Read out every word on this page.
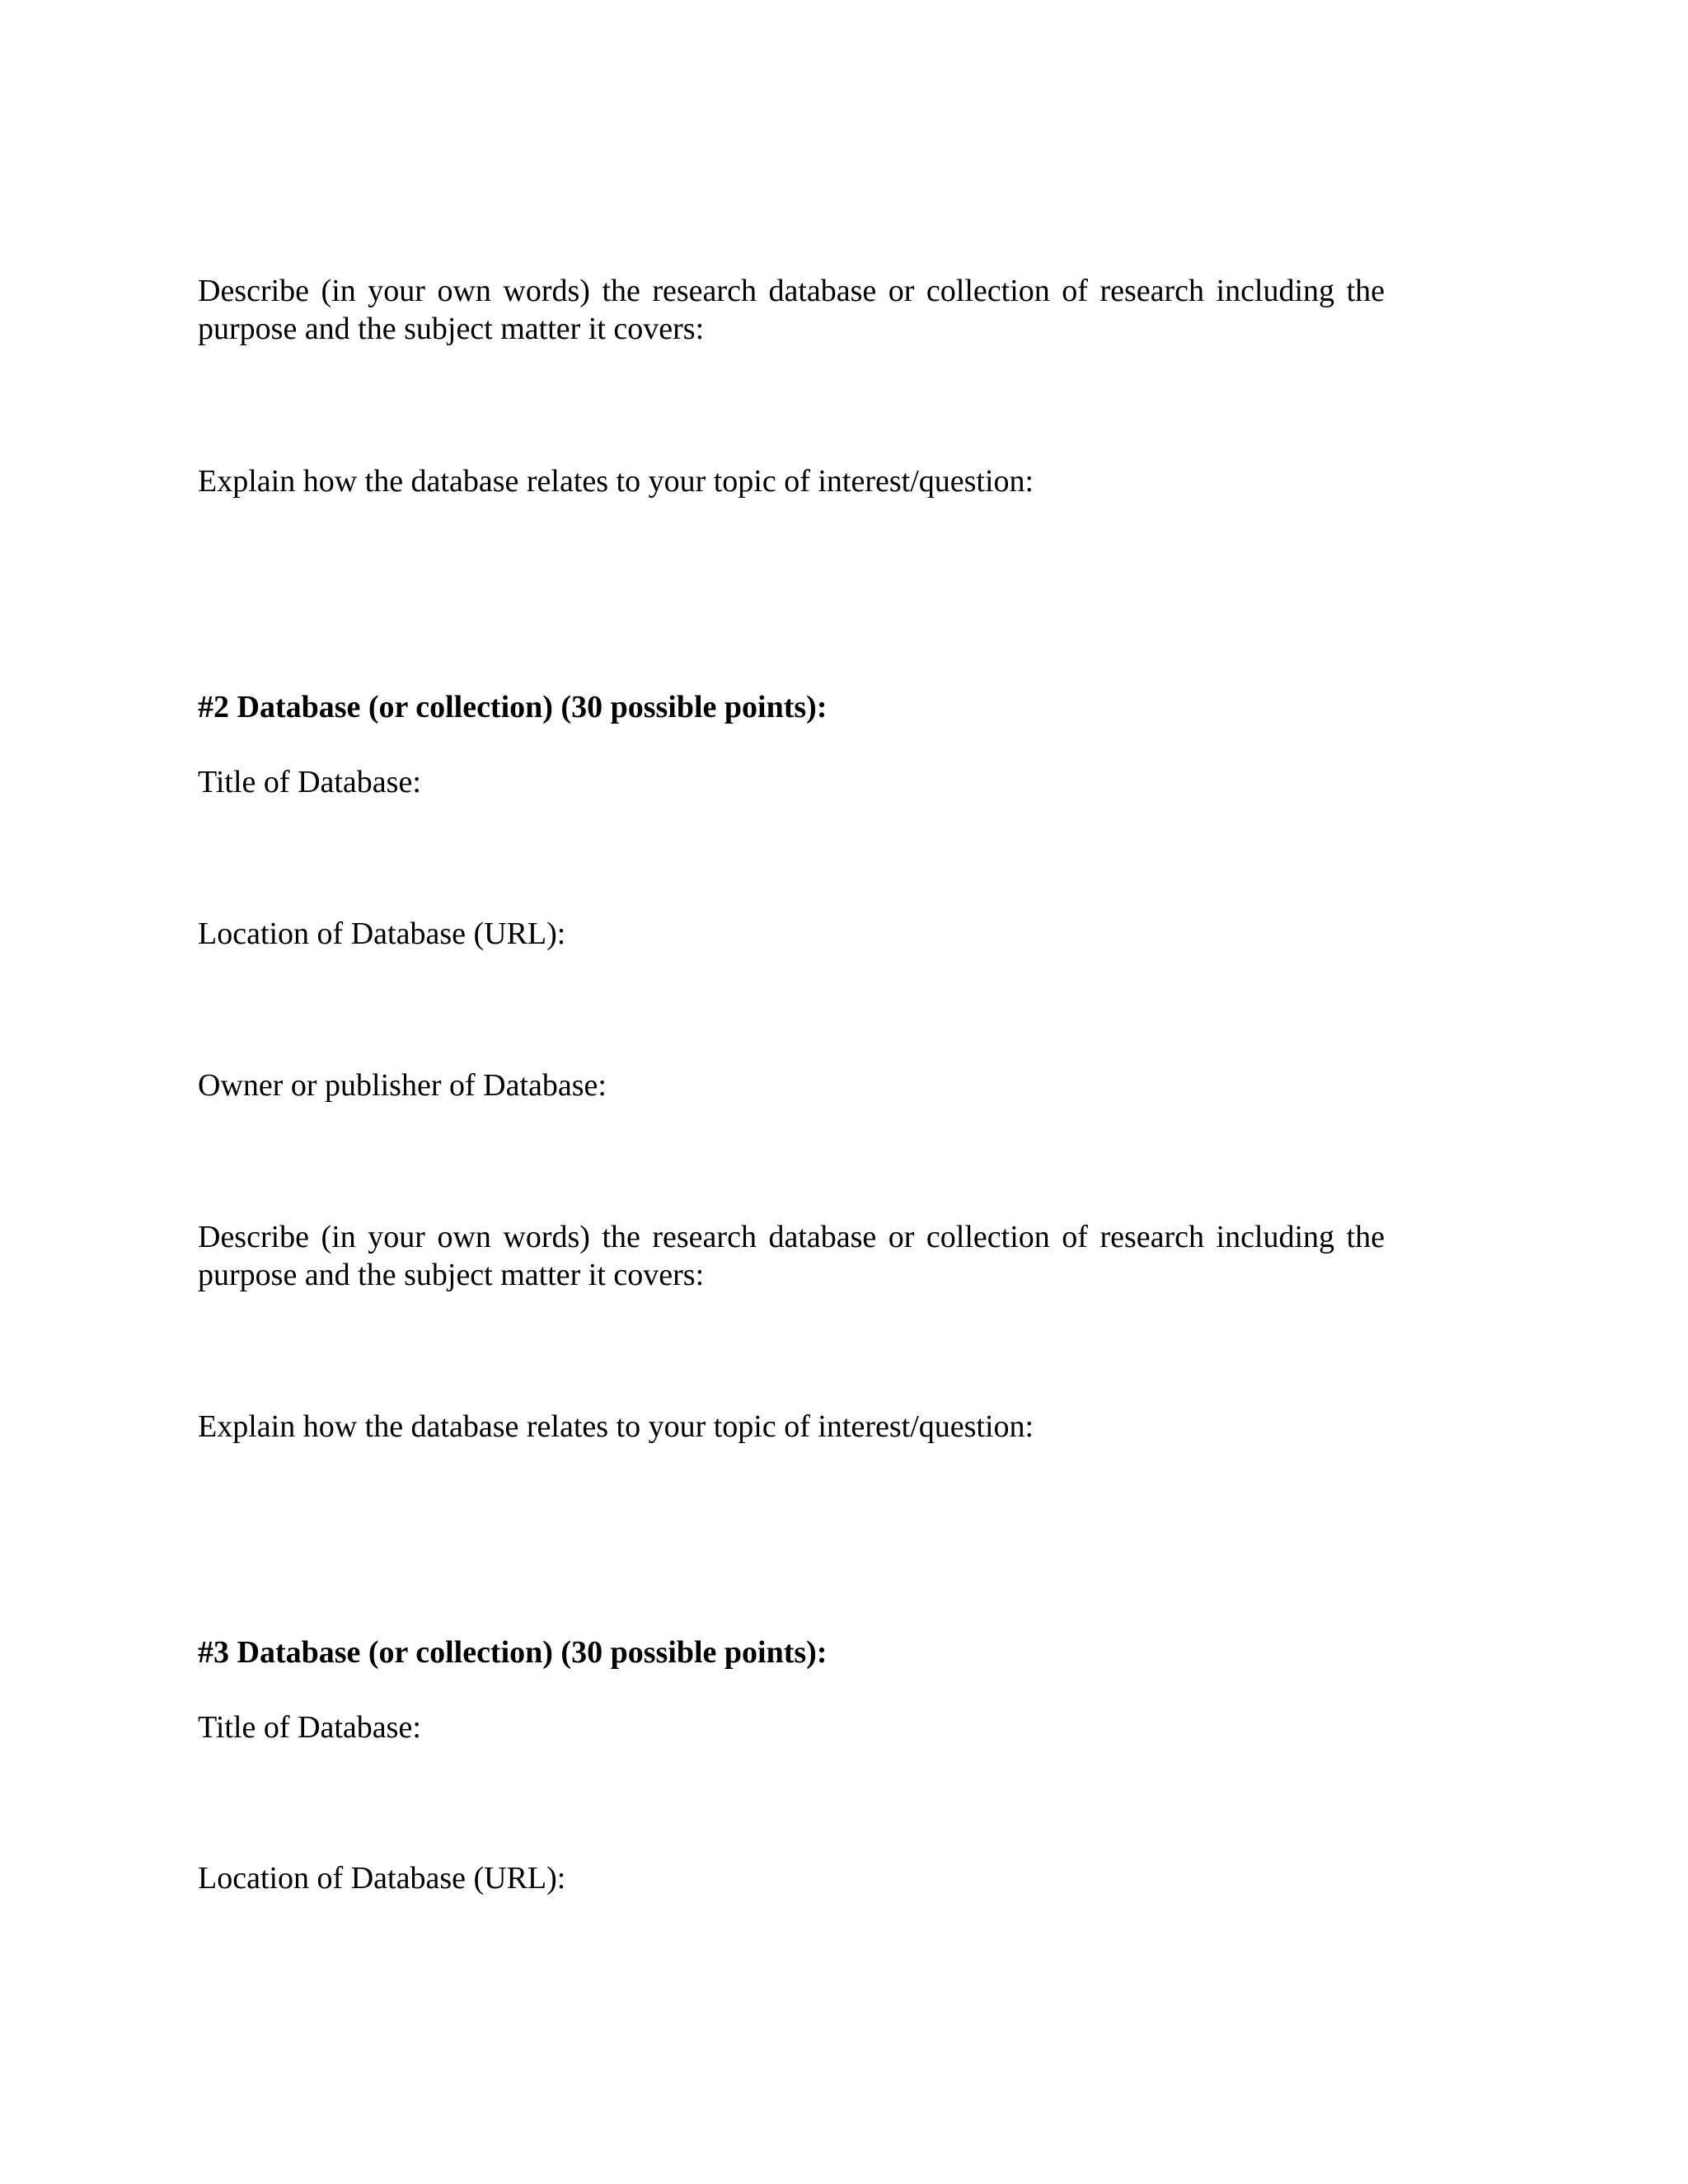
Describe (in your own words) the research database or collection of research including the

purpose and the subject matter it covers:

Explain how the database relates to your topic of interest/question:

#2 Database (or collection) (30 possible points):

Title of Database:

Location of Database (URL):

Owner or publisher of Database:

Describe (in your own words) the research database or collection of research including the

purpose and the subject matter it covers:

Explain how the database relates to your topic of interest/question:

#3 Database (or collection) (30 possible points):

Title of Database:

Location of Database (URL):
